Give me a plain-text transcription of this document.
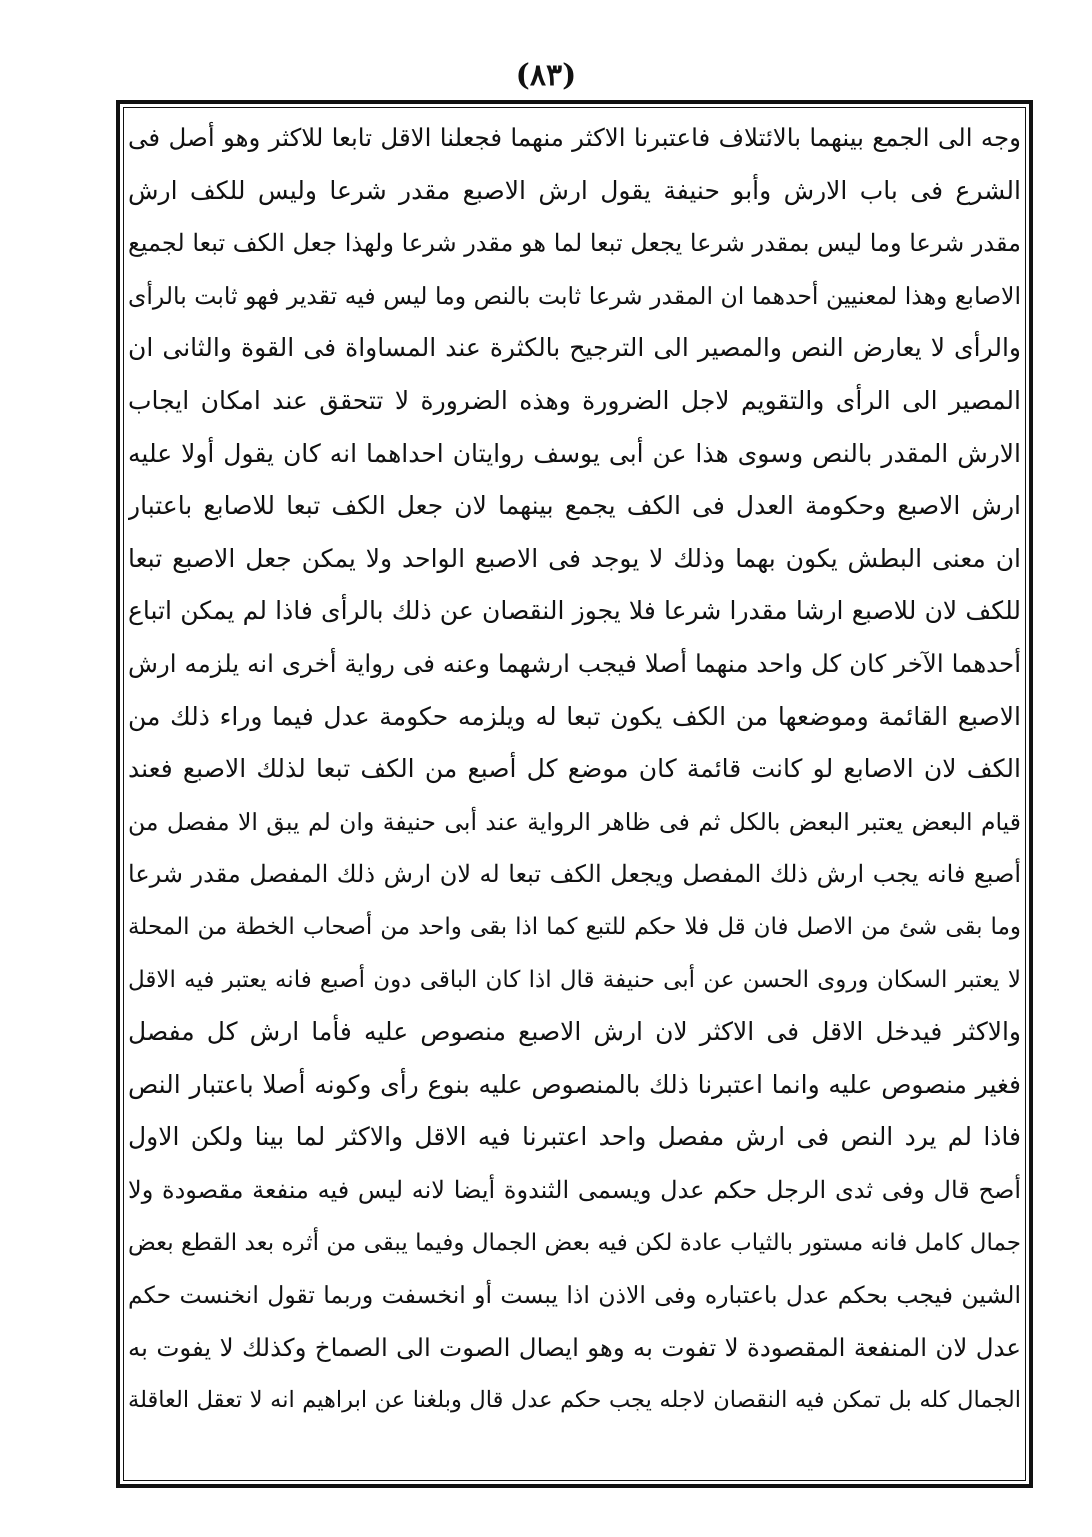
(٨٣)
وجه الى الجمع بينهما بالائتلاف فاعتبرنا الاكثر منهما فجعلنا الاقل تابعا للاكثر وهو أصل فى
الشرع فى باب الارش وأبو حنيفة يقول ارش الاصبع مقدر شرعا وليس للكف ارش
مقدر شرعا وما ليس بمقدر شرعا يجعل تبعا لما هو مقدر شرعا ولهذا جعل الكف تبعا لجميع
الاصابع وهذا لمعنيين أحدهما ان المقدر شرعا ثابت بالنص وما ليس فيه تقدير فهو ثابت بالرأى
والرأى لا يعارض النص والمصير الى الترجيح بالكثرة عند المساواة فى القوة والثانى ان
المصير الى الرأى والتقويم لاجل الضرورة وهذه الضرورة لا تتحقق عند امكان ايجاب
الارش المقدر بالنص وسوى هذا عن أبى يوسف روايتان احداهما انه كان يقول أولا عليه
ارش الاصبع وحكومة العدل فى الكف يجمع بينهما لان جعل الكف تبعا للاصابع باعتبار
ان معنى البطش يكون بهما وذلك لا يوجد فى الاصبع الواحد ولا يمكن جعل الاصبع تبعا
للكف لان للاصبع ارشا مقدرا شرعا فلا يجوز النقصان عن ذلك بالرأى فاذا لم يمكن اتباع
أحدهما الآخر كان كل واحد منهما أصلا فيجب ارشهما وعنه فى رواية أخرى انه يلزمه ارش
الاصبع القائمة وموضعها من الكف يكون تبعا له ويلزمه حكومة عدل فيما وراء ذلك من
الكف لان الاصابع لو كانت قائمة كان موضع كل أصبع من الكف تبعا لذلك الاصبع فعند
قيام البعض يعتبر البعض بالكل ثم فى ظاهر الرواية عند أبى حنيفة وان لم يبق الا مفصل من
أصبع فانه يجب ارش ذلك المفصل ويجعل الكف تبعا له لان ارش ذلك المفصل مقدر شرعا
وما بقى شئ من الاصل فان قل فلا حكم للتبع كما اذا بقى واحد من أصحاب الخطة من المحلة
لا يعتبر السكان وروى الحسن عن أبى حنيفة قال اذا كان الباقى دون أصبع فانه يعتبر فيه الاقل
والاكثر فيدخل الاقل فى الاكثر لان ارش الاصبع منصوص عليه فأما ارش كل مفصل
فغير منصوص عليه وانما اعتبرنا ذلك بالمنصوص عليه بنوع رأى وكونه أصلا باعتبار النص
فاذا لم يرد النص فى ارش مفصل واحد اعتبرنا فيه الاقل والاكثر لما بينا ولكن الاول
أصح قال وفى ثدى الرجل حكم عدل ويسمى الثندوة أيضا لانه ليس فيه منفعة مقصودة ولا
جمال كامل فانه مستور بالثياب عادة لكن فيه بعض الجمال وفيما يبقى من أثره بعد القطع بعض
الشين فيجب بحكم عدل باعتباره وفى الاذن اذا يبست أو انخسفت وربما تقول انخنست حكم
عدل لان المنفعة المقصودة لا تفوت به وهو ايصال الصوت الى الصماخ وكذلك لا يفوت به
الجمال كله بل تمكن فيه النقصان لاجله يجب حكم عدل قال وبلغنا عن ابراهيم انه لا تعقل العاقلة
